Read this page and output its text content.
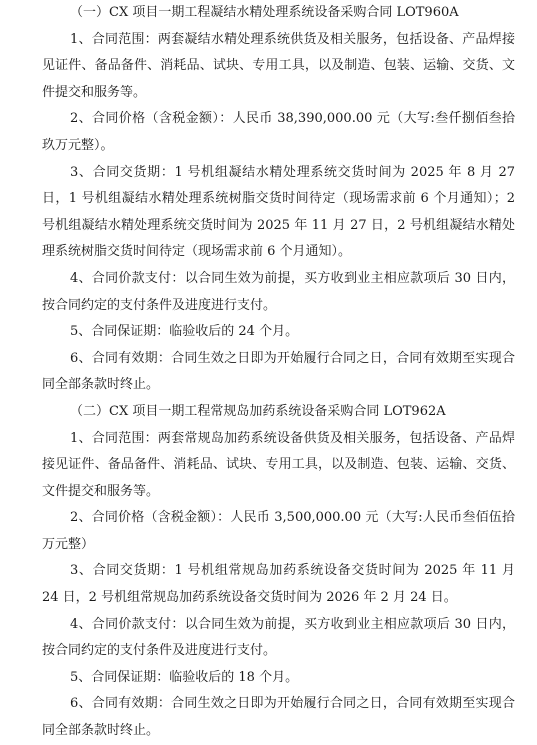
（一）CX 项目一期工程凝结水精处理系统设备采购合同 LOT960A

1、合同范围：两套凝结水精处理系统供货及相关服务，包括设备、产品焊接见证件、备品备件、消耗品、试块、专用工具，以及制造、包装、运输、交货、文件提交和服务等。

2、合同价格（含税金额）：人民币 38,390,000.00 元（大写:叁仟捌佰叁拾玖万元整）。

3、合同交货期：1 号机组凝结水精处理系统交货时间为 2025 年 8 月 27 日，1 号机组凝结水精处理系统树脂交货时间待定（现场需求前 6 个月通知）；2 号机组凝结水精处理系统交货时间为 2025 年 11 月 27 日，2 号机组凝结水精处理系统树脂交货时间待定（现场需求前 6 个月通知）。

4、合同价款支付：以合同生效为前提，买方收到业主相应款项后 30 日内，按合同约定的支付条件及进度进行支付。

5、合同保证期：临验收后的 24 个月。

6、合同有效期：合同生效之日即为开始履行合同之日，合同有效期至实现合同全部条款时终止。

（二）CX 项目一期工程常规岛加药系统设备采购合同 LOT962A

1、合同范围：两套常规岛加药系统设备供货及相关服务，包括设备、产品焊接见证件、备品备件、消耗品、试块、专用工具，以及制造、包装、运输、交货、文件提交和服务等。

2、合同价格（含税金额）：人民币 3,500,000.00 元（大写:人民币叁佰伍拾万元整）

3、合同交货期：1 号机组常规岛加药系统设备交货时间为 2025 年 11 月 24 日，2 号机组常规岛加药系统设备交货时间为 2026 年 2 月 24 日。

4、合同价款支付：以合同生效为前提，买方收到业主相应款项后 30 日内，按合同约定的支付条件及进度进行支付。

5、合同保证期：临验收后的 18 个月。

6、合同有效期：合同生效之日即为开始履行合同之日，合同有效期至实现合同全部条款时终止。
